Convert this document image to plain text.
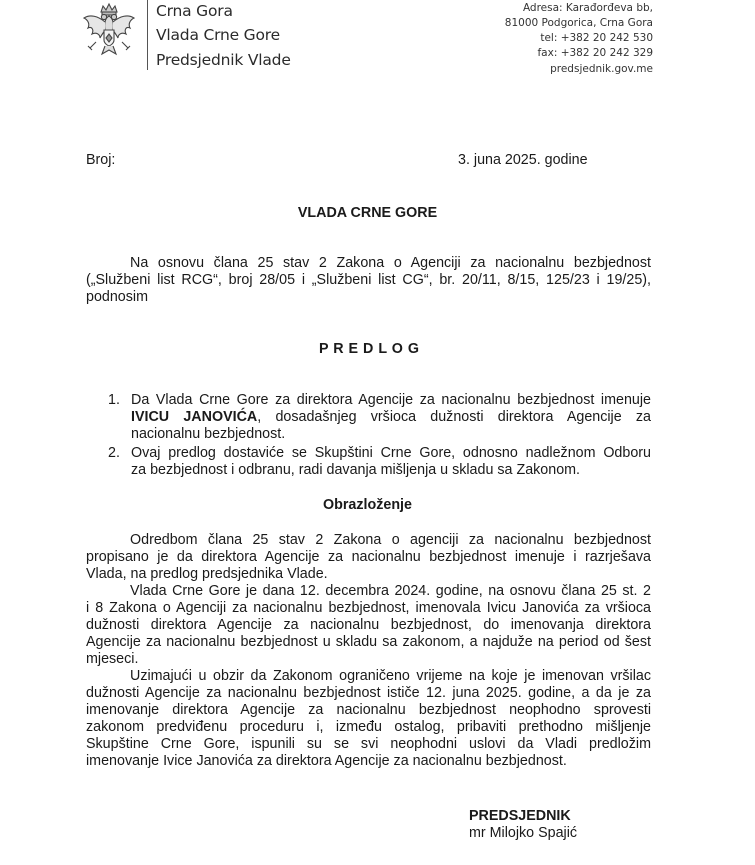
Crna Gora
Vlada Crne Gore
Predsjednik Vlade
Adresa: Karađorđeva bb,
81000 Podgorica, Crna Gora
tel: +382 20 242 530
fax: +382 20 242 329
predsjednik.gov.me
Broj:	3. juna 2025. godine
VLADA CRNE GORE
Na osnovu člana 25 stav 2 Zakona o Agenciji za nacionalnu bezbjednost
(„Službeni list RCG“, broj 28/05 i „Službeni list CG“, br. 20/11, 8/15, 125/23 i 19/25),
podnosim
P R E D L O G
1. Da Vlada Crne Gore za direktora Agencije za nacionalnu bezbjednost imenuje
IVICU JANOVIĆA, dosadašnjeg vršioca dužnosti direktora Agencije za
nacionalnu bezbjednost.
2. Ovaj predlog dostaviće se Skupštini Crne Gore, odnosno nadležnom Odboru
za bezbjednost i odbranu, radi davanja mišljenja u skladu sa Zakonom.
Obrazloženje
Odredbom člana 25 stav 2 Zakona o agenciji za nacionalnu bezbjednost
propisano je da direktora Agencije za nacionalnu bezbjednost imenuje i razrješava
Vlada, na predlog predsjednika Vlade.
Vlada Crne Gore je dana 12. decembra 2024. godine, na osnovu člana 25 st. 2
i 8 Zakona o Agenciji za nacionalnu bezbjednost, imenovala Ivicu Janovića za vršioca
dužnosti direktora Agencije za nacionalnu bezbjednost, do imenovanja direktora
Agencije za nacionalnu bezbjednost u skladu sa zakonom, a najduže na period od šest
mjeseci.
Uzimajući u obzir da Zakonom ograničeno vrijeme na koje je imenovan vršilac
dužnosti Agencije za nacionalnu bezbjednost ističe 12. juna 2025. godine, a da je za
imenovanje direktora Agencije za nacionalnu bezbjednost neophodno sprovesti
zakonom predviđenu proceduru i, između ostalog, pribaviti prethodno mišljenje
Skupštine Crne Gore, ispunili su se svi neophodni uslovi da Vladi predložim
imenovanje Ivice Janovića za direktora Agencije za nacionalnu bezbjednost.
PREDSJEDNIK
mr Milojko Spajić
